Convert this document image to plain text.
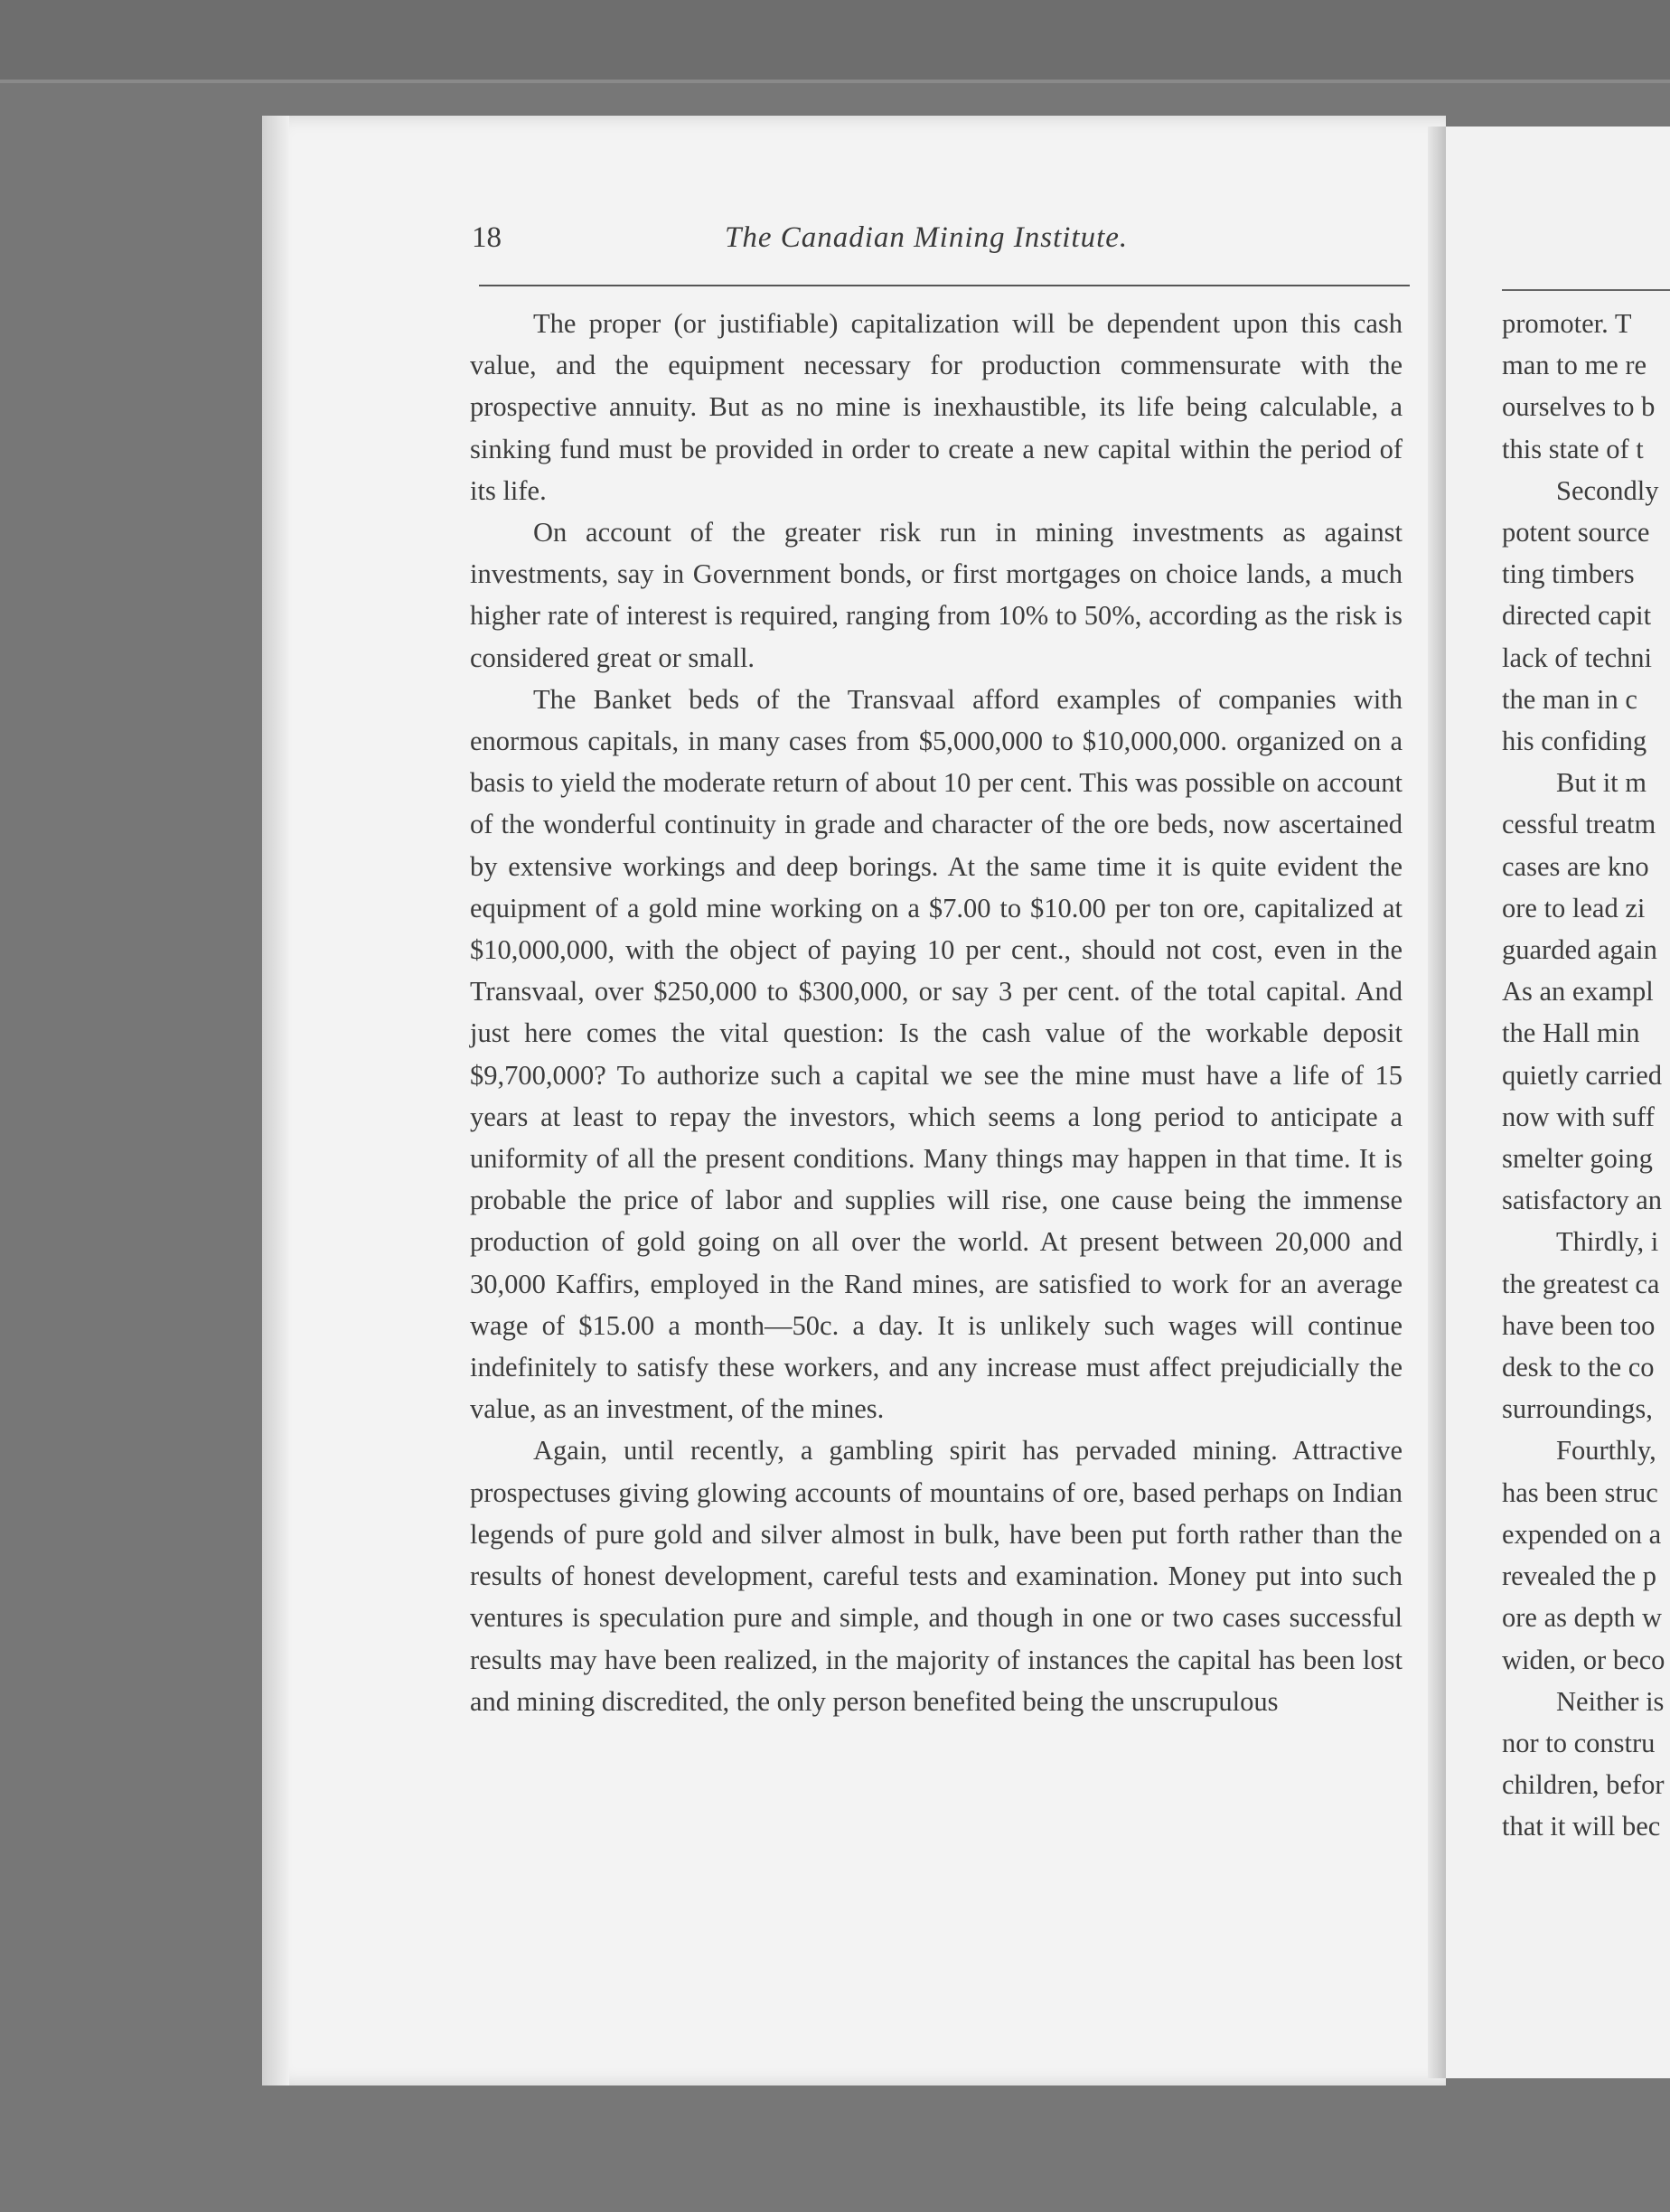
18	The Canadian Mining Institute.

The proper (or justifiable) capitalization will be dependent upon this cash value, and the equipment necessary for production commensurate with the prospective annuity. But as no mine is inexhaustible, its life being calculable, a sinking fund must be provided in order to create a new capital within the period of its life.

On account of the greater risk run in mining investments as against investments, say in Government bonds, or first mortgages on choice lands, a much higher rate of interest is required, ranging from 10% to 50%, according as the risk is considered great or small.

The Banket beds of the Transvaal afford examples of companies with enormous capitals, in many cases from $5,000,000 to $10,000,000. organized on a basis to yield the moderate return of about 10 per cent. This was possible on account of the wonderful continuity in grade and character of the ore beds, now ascertained by extensive workings and deep borings. At the same time it is quite evident the equipment of a gold mine working on a $7.00 to $10.00 per ton ore, capitalized at $10,000,000, with the object of paying 10 per cent., should not cost, even in the Transvaal, over $250,000 to $300,000, or say 3 per cent. of the total capital. And just here comes the vital question: Is the cash value of the workable deposit $9,700,000? To authorize such a capital we see the mine must have a life of 15 years at least to repay the investors, which seems a long period to anticipate a uniformity of all the present conditions. Many things may happen in that time. It is probable the price of labor and supplies will rise, one cause being the immense production of gold going on all over the world. At present between 20,000 and 30,000 Kaffirs, employed in the Rand mines, are satisfied to work for an average wage of $15.00 a month—50c. a day. It is unlikely such wages will continue indefinitely to satisfy these workers, and any increase must affect prejudicially the value, as an investment, of the mines.

Again, until recently, a gambling spirit has pervaded mining. Attractive prospectuses giving glowing accounts of mountains of ore, based perhaps on Indian legends of pure gold and silver almost in bulk, have been put forth rather than the results of honest development, careful tests and examination. Money put into such ventures is speculation pure and simple, and though in one or two cases successful results may have been realized, in the majority of instances the capital has been lost and mining discredited, the only person benefited being the unscrupulous

promoter. T
man to me re
ourselves to b
this state of t
Secondly
potent source
ting timbers
directed capit
lack of techni
the man in c
his confiding
But it m
cessful treatm
cases are kno
ore to lead zi
guarded again
As an exampl
the Hall min
quietly carried
now with suff
smelter going
satisfactory an
Thirdly, i
the greatest ca
have been too
desk to the co
surroundings,
Fourthly,
has been struc
expended on a
revealed the p
ore as depth w
widen, or beco
Neither is
nor to constru
children, befor
that it will bec
